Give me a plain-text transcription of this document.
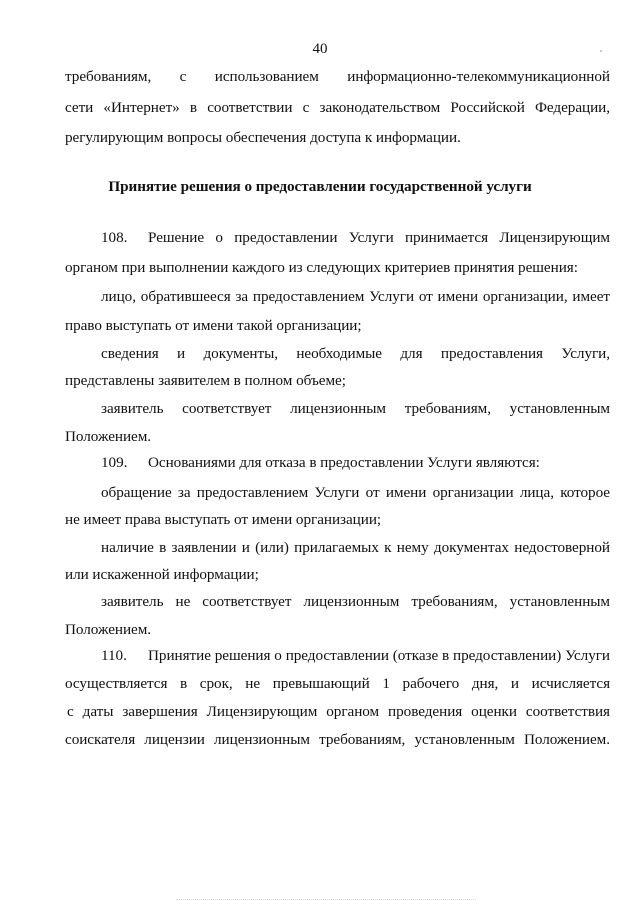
40
требованиям, с использованием информационно-телекоммуникационной
сети «Интернет» в соответствии с законодательством Российской Федерации,
регулирующим вопросы обеспечения доступа к информации.
Принятие решения о предоставлении государственной услуги
108. Решение о предоставлении Услуги принимается Лицензирующим
органом при выполнении каждого из следующих критериев принятия решения:
лицо, обратившееся за предоставлением Услуги от имени организации, имеет
право выступать от имени такой организации;
сведения и документы, необходимые для предоставления Услуги,
представлены заявителем в полном объеме;
заявитель соответствует лицензионным требованиям, установленным
Положением.
109. Основаниями для отказа в предоставлении Услуги являются:
обращение за предоставлением Услуги от имени организации лица, которое
не имеет права выступать от имени организации;
наличие в заявлении и (или) прилагаемых к нему документах недостоверной
или искаженной информации;
заявитель не соответствует лицензионным требованиям, установленным
Положением.
110. Принятие решения о предоставлении (отказе в предоставлении) Услуги
осуществляется в срок, не превышающий 1 рабочего дня, и исчисляется
с даты завершения Лицензирующим органом проведения оценки соответствия
соискателя лицензии лицензионным требованиям, установленным Положением.
